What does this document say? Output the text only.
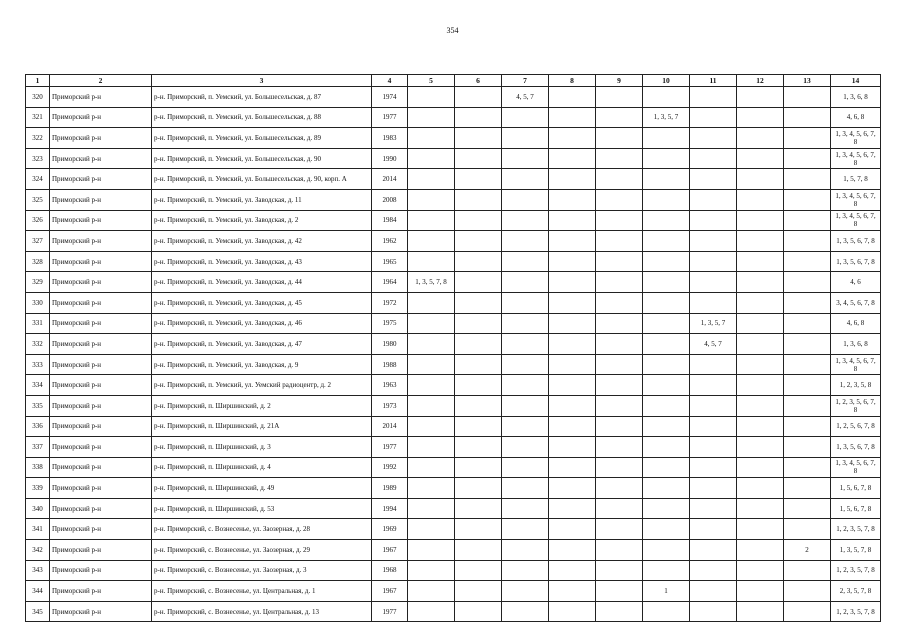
354
1	2	3	4	5	6	7	8	9	10	11	12	13	14
320	Приморский р-н	р-н. Приморский, п. Уемский, ул. Большесельская, д. 87	1974			4, 5, 7							1, 3, 6, 8
321	Приморский р-н	р-н. Приморский, п. Уемский, ул. Большесельская, д. 88	1977						1, 3, 5, 7				4, 6, 8
322	Приморский р-н	р-н. Приморский, п. Уемский, ул. Большесельская, д. 89	1983										1, 3, 4, 5, 6, 7, 8
323	Приморский р-н	р-н. Приморский, п. Уемский, ул. Большесельская, д. 90	1990										1, 3, 4, 5, 6, 7, 8
324	Приморский р-н	р-н. Приморский, п. Уемский, ул. Большесельская, д. 90, корп. А	2014										1, 5, 7, 8
325	Приморский р-н	р-н. Приморский, п. Уемский, ул. Заводская, д. 11	2008										1, 3, 4, 5, 6, 7, 8
326	Приморский р-н	р-н. Приморский, п. Уемский, ул. Заводская, д. 2	1984										1, 3, 4, 5, 6, 7, 8
327	Приморский р-н	р-н. Приморский, п. Уемский, ул. Заводская, д. 42	1962										1, 3, 5, 6, 7, 8
328	Приморский р-н	р-н. Приморский, п. Уемский, ул. Заводская, д. 43	1965										1, 3, 5, 6, 7, 8
329	Приморский р-н	р-н. Приморский, п. Уемский, ул. Заводская, д. 44	1964	1, 3, 5, 7, 8									4, 6
330	Приморский р-н	р-н. Приморский, п. Уемский, ул. Заводская, д. 45	1972										3, 4, 5, 6, 7, 8
331	Приморский р-н	р-н. Приморский, п. Уемский, ул. Заводская, д. 46	1975							1, 3, 5, 7			4, 6, 8
332	Приморский р-н	р-н. Приморский, п. Уемский, ул. Заводская, д. 47	1980							4, 5, 7			1, 3, 6, 8
333	Приморский р-н	р-н. Приморский, п. Уемский, ул. Заводская, д. 9	1988										1, 3, 4, 5, 6, 7, 8
334	Приморский р-н	р-н. Приморский, п. Уемский, ул. Уемский радиоцентр, д. 2	1963										1, 2, 3, 5, 8
335	Приморский р-н	р-н. Приморский, п. Ширшинский, д. 2	1973										1, 2, 3, 5, 6, 7, 8
336	Приморский р-н	р-н. Приморский, п. Ширшинский, д. 21А	2014										1, 2, 5, 6, 7, 8
337	Приморский р-н	р-н. Приморский, п. Ширшинский, д. 3	1977										1, 3, 5, 6, 7, 8
338	Приморский р-н	р-н. Приморский, п. Ширшинский, д. 4	1992										1, 3, 4, 5, 6, 7, 8
339	Приморский р-н	р-н. Приморский, п. Ширшинский, д. 49	1989										1, 5, 6, 7, 8
340	Приморский р-н	р-н. Приморский, п. Ширшинский, д. 53	1994										1, 5, 6, 7, 8
341	Приморский р-н	р-н. Приморский, с. Вознесенье, ул. Заозерная, д. 28	1969										1, 2, 3, 5, 7, 8
342	Приморский р-н	р-н. Приморский, с. Вознесенье, ул. Заозерная, д. 29	1967									2	1, 3, 5, 7, 8
343	Приморский р-н	р-н. Приморский, с. Вознесенье, ул. Заозерная, д. 3	1968										1, 2, 3, 5, 7, 8
344	Приморский р-н	р-н. Приморский, с. Вознесенье, ул. Центральная, д. 1	1967						1				2, 3, 5, 7, 8
345	Приморский р-н	р-н. Приморский, с. Вознесенье, ул. Центральная, д. 13	1977										1, 2, 3, 5, 7, 8
